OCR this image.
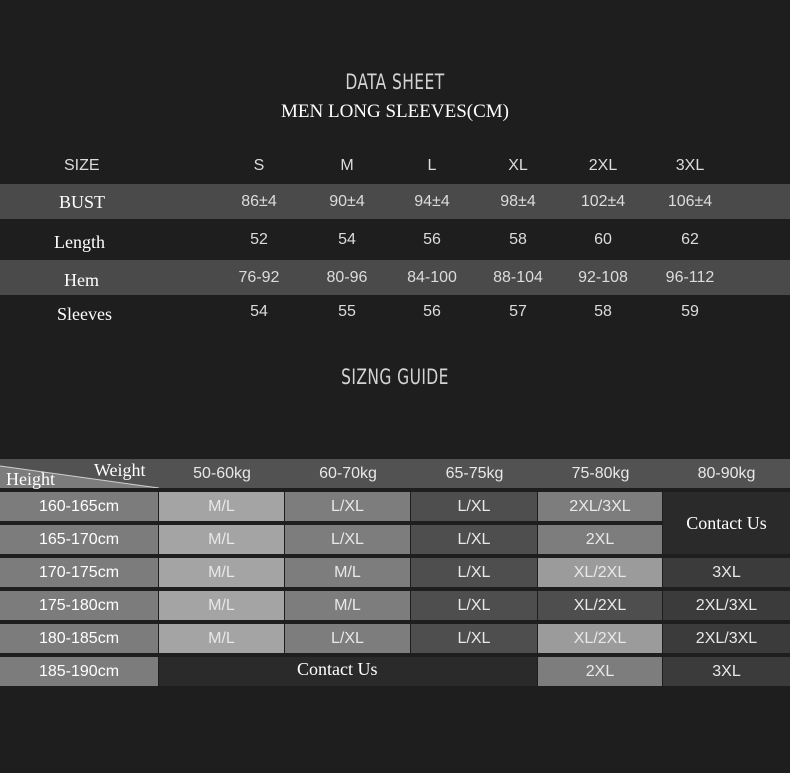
DATA SHEET
MEN LONG SLEEVES(CM)
SIZE	S	M	L	XL	2XL	3XL
BUST	86±4	90±4	94±4	98±4	102±4	106±4
Length	52	54	56	58	60	62
Hem	76-92	80-96	84-100	88-104	92-108	96-112
Sleeves	54	55	56	57	58	59
SIZNG GUIDE
Height Weight	50-60kg	60-70kg	65-75kg	75-80kg	80-90kg
160-165cm	M/L	L/XL	L/XL	2XL/3XL
Contact Us
165-170cm	M/L	L/XL	L/XL	2XL
170-175cm	M/L	M/L	L/XL	XL/2XL	3XL
175-180cm	M/L	M/L	L/XL	XL/2XL	2XL/3XL
180-185cm	M/L	L/XL	L/XL	XL/2XL	2XL/3XL
185-190cm	Contact Us	2XL	3XL
